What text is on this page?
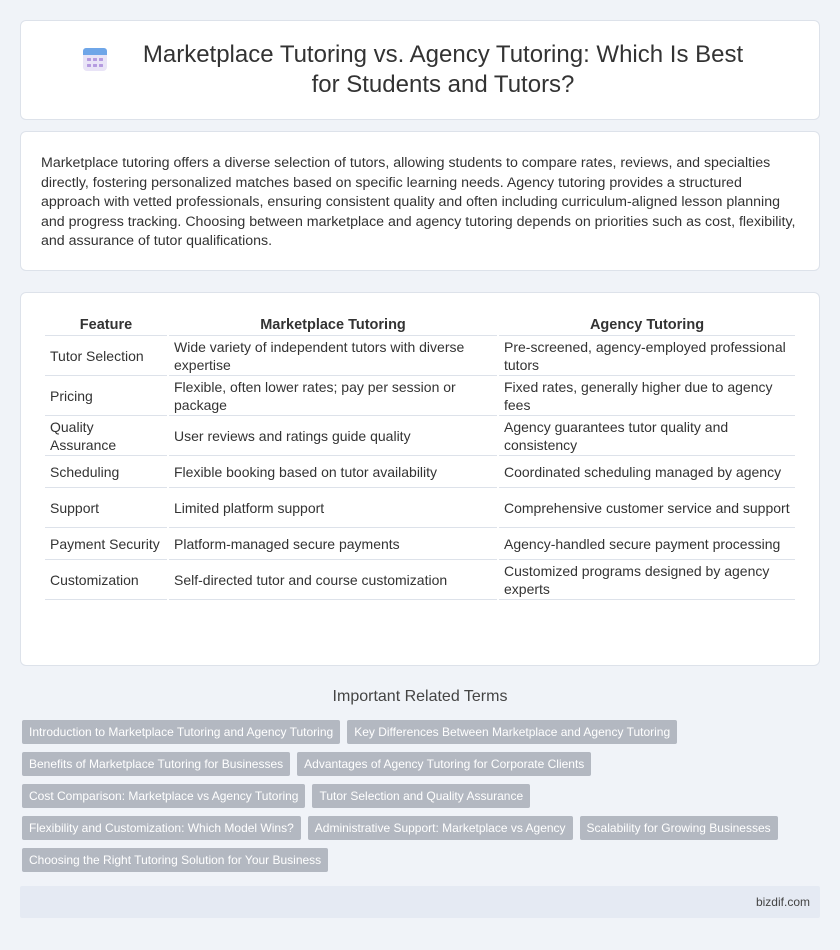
Marketplace Tutoring vs. Agency Tutoring: Which Is Best for Students and Tutors?

Marketplace tutoring offers a diverse selection of tutors, allowing students to compare rates, reviews, and specialties directly, fostering personalized matches based on specific learning needs. Agency tutoring provides a structured approach with vetted professionals, ensuring consistent quality and often including curriculum-aligned lesson planning and progress tracking. Choosing between marketplace and agency tutoring depends on priorities such as cost, flexibility, and assurance of tutor qualifications.

Feature	Marketplace Tutoring	Agency Tutoring
Tutor Selection	Wide variety of independent tutors with diverse expertise	Pre-screened, agency-employed professional tutors
Pricing	Flexible, often lower rates; pay per session or package	Fixed rates, generally higher due to agency fees
Quality Assurance	User reviews and ratings guide quality	Agency guarantees tutor quality and consistency
Scheduling	Flexible booking based on tutor availability	Coordinated scheduling managed by agency
Support	Limited platform support	Comprehensive customer service and support
Payment Security	Platform-managed secure payments	Agency-handled secure payment processing
Customization	Self-directed tutor and course customization	Customized programs designed by agency experts
Important Related Terms
Introduction to Marketplace Tutoring and Agency Tutoring	Key Differences Between Marketplace and Agency Tutoring
Benefits of Marketplace Tutoring for Businesses	Advantages of Agency Tutoring for Corporate Clients
Cost Comparison: Marketplace vs Agency Tutoring	Tutor Selection and Quality Assurance
Flexibility and Customization: Which Model Wins?	Administrative Support: Marketplace vs Agency	Scalability for Growing Businesses
Choosing the Right Tutoring Solution for Your Business
bizdif.com
